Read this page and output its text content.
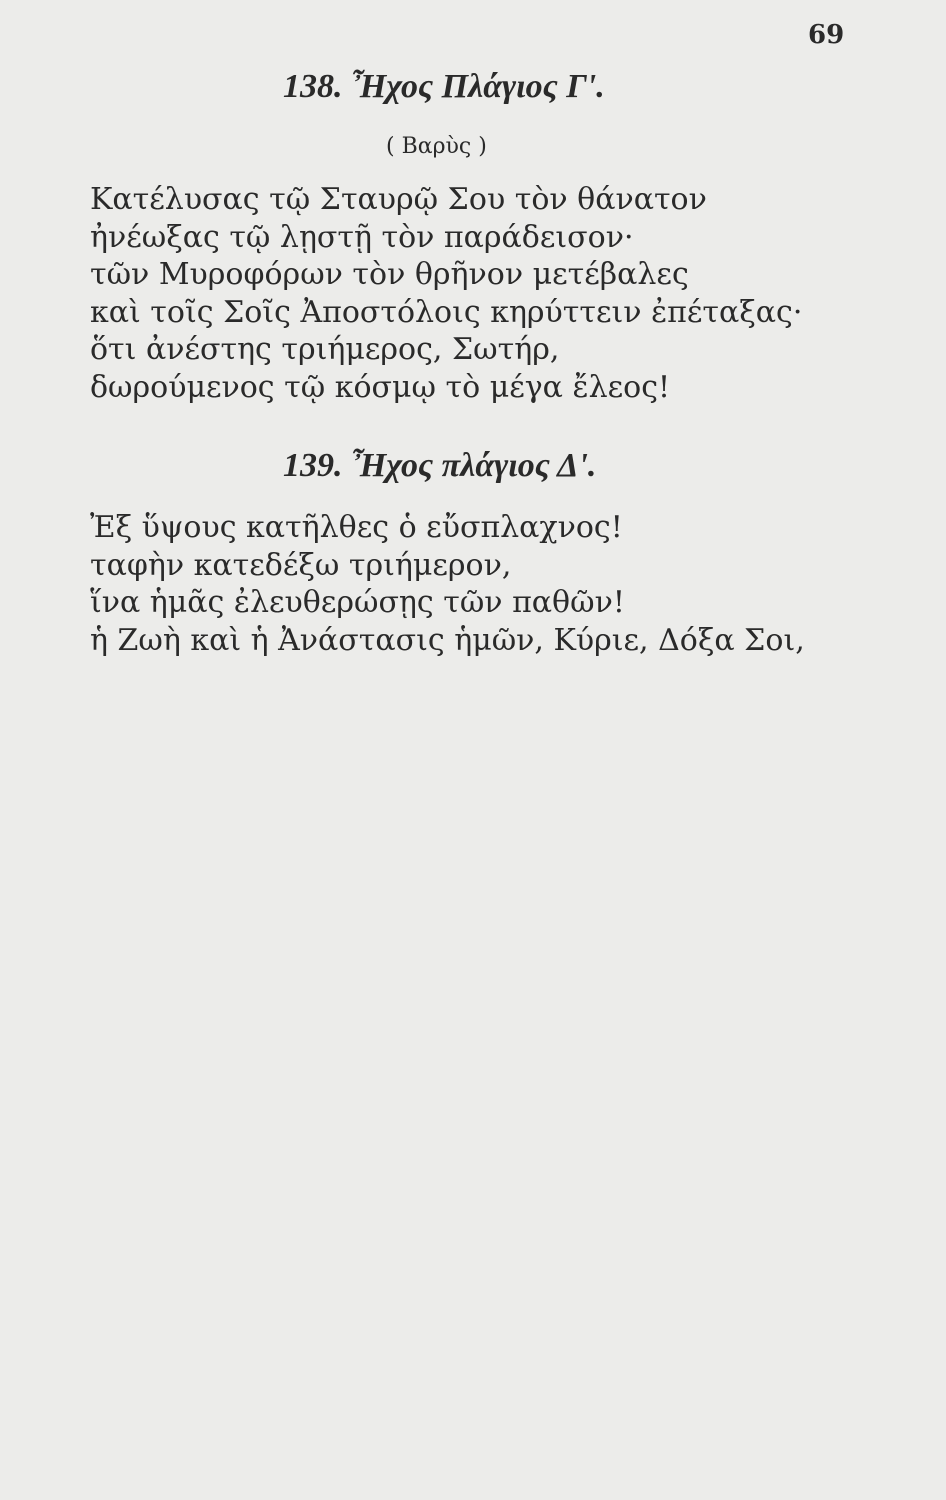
69
138. Ἦχος Πλάγιος Γ'.
( Βαρὺς )
Κατέλυσας τῷ Σταυρῷ Σου τὸν θάνατον
ἠνέωξας τῷ λῃστῇ τὸν παράδεισον·
τῶν Μυροφόρων τὸν θρῆνον μετέβαλες
καὶ τοῖς Σοῖς Ἀποστόλοις κηρύττειν ἐπέταξας·
ὅτι ἀνέστης τριήμερος, Σωτήρ,
δωρούμενος τῷ κόσμῳ τὸ μέγα ἔλεος!
139. Ἦχος πλάγιος Δ'.
Ἐξ ὕψους κατῆλθες ὁ εὔσπλαχνος!
ταφὴν κατεδέξω τριήμερον,
ἵνα ἡμᾶς ἐλευθερώσῃς τῶν παθῶν!
ἡ Ζωὴ καὶ ἡ Ἀνάστασις ἡμῶν, Κύριε, Δόξα Σοι,
